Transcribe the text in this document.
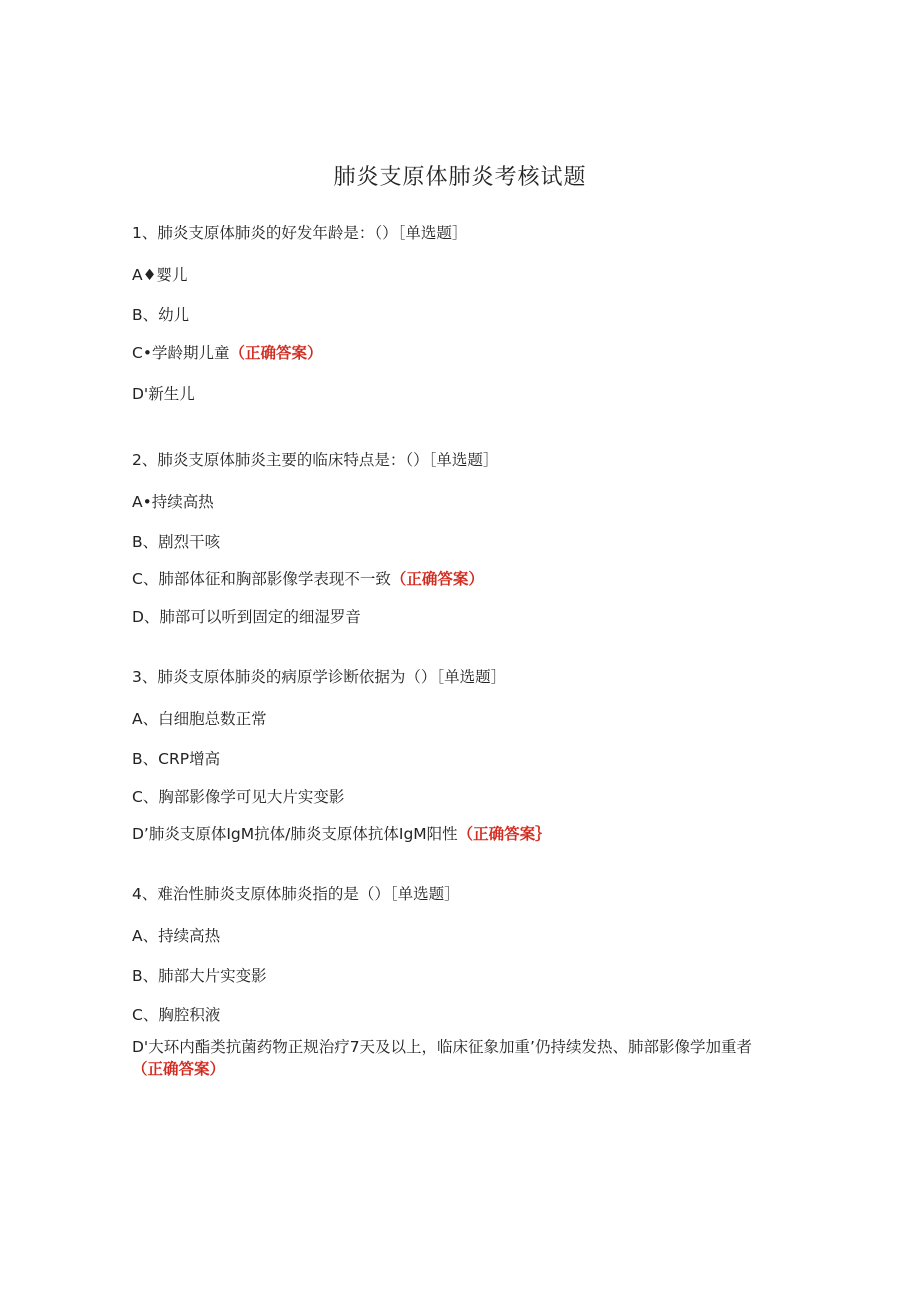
肺炎支原体肺炎考核试题
1、肺炎支原体肺炎的好发年龄是：（）［单选题］
A♦婴儿
B、幼儿
C•学龄期儿童（正确答案）
D'新生儿
2、肺炎支原体肺炎主要的临床特点是：（）［单选题］
A•持续高热
B、剧烈干咳
C、肺部体征和胸部影像学表现不一致（正确答案）
D、肺部可以听到固定的细湿罗音
3、肺炎支原体肺炎的病原学诊断依据为（）［单选题］
A、白细胞总数正常
B、CRP增高
C、胸部影像学可见大片实变影
D’肺炎支原体IgM抗体/肺炎支原体抗体IgM阳性（正确答案｝
4、难治性肺炎支原体肺炎指的是（）［单选题］
A、持续高热
B、肺部大片实变影
C、胸腔积液
D'大环内酯类抗菌药物正规治疗7天及以上，临床征象加重’仍持续发热、肺部影像学加重者（正确答案）
